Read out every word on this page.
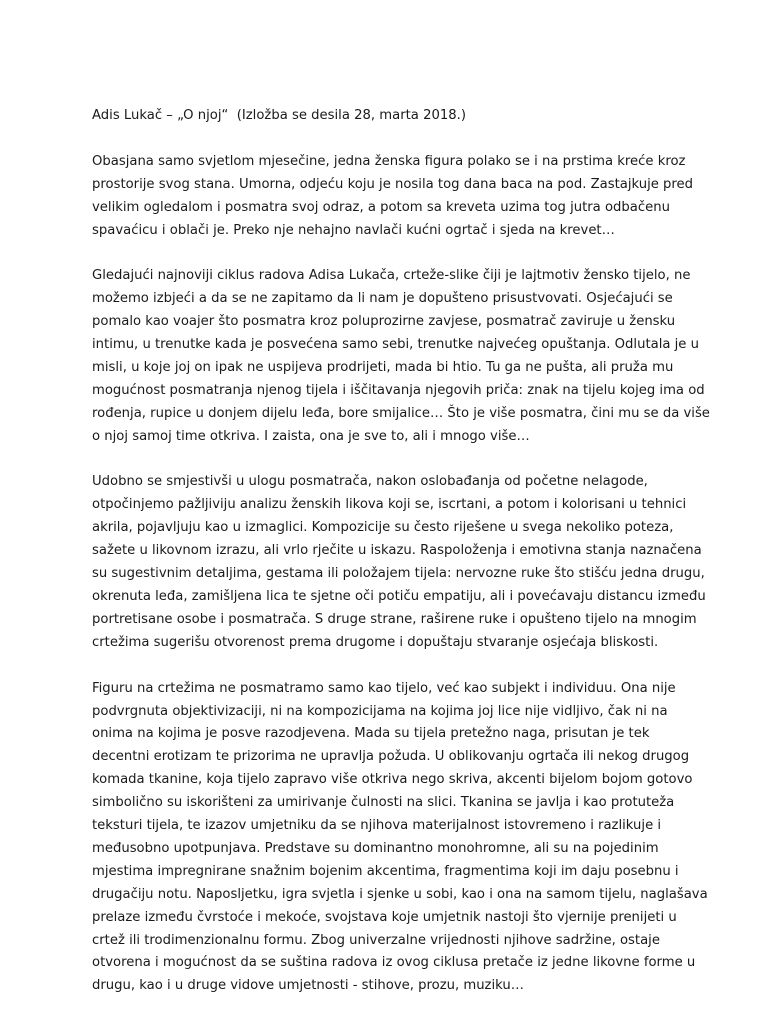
Adis Lukač – „O njoj“  (Izložba se desila 28, marta 2018.)

Obasjana samo svjetlom mjesečine, jedna ženska figura polako se i na prstima kreće kroz
prostorije svog stana. Umorna, odjeću koju je nosila tog dana baca na pod. Zastajkuje pred
velikim ogledalom i posmatra svoj odraz, a potom sa kreveta uzima tog jutra odbačenu
spavaćicu i oblači je. Preko nje nehajno navlači kućni ogrtač i sjeda na krevet…

Gledajući najnoviji ciklus radova Adisa Lukača, crteže-slike čiji je lajtmotiv žensko tijelo, ne
možemo izbjeći a da se ne zapitamo da li nam je dopušteno prisustvovati. Osjećajući se
pomalo kao voajer što posmatra kroz poluprozirne zavjese, posmatrač zaviruje u žensku
intimu, u trenutke kada je posvećena samo sebi, trenutke najvećeg opuštanja. Odlutala je u
misli, u koje joj on ipak ne uspijeva prodrijeti, mada bi htio. Tu ga ne pušta, ali pruža mu
mogućnost posmatranja njenog tijela i iščitavanja njegovih priča: znak na tijelu kojeg ima od
rođenja, rupice u donjem dijelu leđa, bore smijalice… Što je više posmatra, čini mu se da više
o njoj samoj time otkriva. I zaista, ona je sve to, ali i mnogo više…

Udobno se smjestivši u ulogu posmatrača, nakon oslobađanja od početne nelagode,
otpočinjemo pažljiviju analizu ženskih likova koji se, iscrtani, a potom i kolorisani u tehnici
akrila, pojavljuju kao u izmaglici. Kompozicije su često riješene u svega nekoliko poteza,
sažete u likovnom izrazu, ali vrlo rječite u iskazu. Raspoloženja i emotivna stanja naznačena
su sugestivnim detaljima, gestama ili položajem tijela: nervozne ruke što stišću jedna drugu,
okrenuta leđa, zamišljena lica te sjetne oči potiču empatiju, ali i povećavaju distancu između
portretisane osobe i posmatrača. S druge strane, raširene ruke i opušteno tijelo na mnogim
crtežima sugerišu otvorenost prema drugome i dopuštaju stvaranje osjećaja bliskosti.

Figuru na crtežima ne posmatramo samo kao tijelo, već kao subjekt i individuu. Ona nije
podvrgnuta objektivizaciji, ni na kompozicijama na kojima joj lice nije vidljivo, čak ni na
onima na kojima je posve razodjevena. Mada su tijela pretežno naga, prisutan je tek
decentni erotizam te prizorima ne upravlja požuda. U oblikovanju ogrtača ili nekog drugog
komada tkanine, koja tijelo zapravo više otkriva nego skriva, akcenti bijelom bojom gotovo
simbolično su iskorišteni za umirivanje čulnosti na slici. Tkanina se javlja i kao protuteža
teksturi tijela, te izazov umjetniku da se njihova materijalnost istovremeno i razlikuje i
međusobno upotpunjava. Predstave su dominantno monohromne, ali su na pojedinim
mjestima impregnirane snažnim bojenim akcentima, fragmentima koji im daju posebnu i
drugačiju notu. Naposljetku, igra svjetla i sjenke u sobi, kao i ona na samom tijelu, naglašava
prelaze između čvrstoće i mekoće, svojstava koje umjetnik nastoji što vjernije prenijeti u
crtež ili trodimenzionalnu formu. Zbog univerzalne vrijednosti njihove sadržine, ostaje
otvorena i mogućnost da se suština radova iz ovog ciklusa pretače iz jedne likovne forme u
drugu, kao i u druge vidove umjetnosti - stihove, prozu, muziku…
